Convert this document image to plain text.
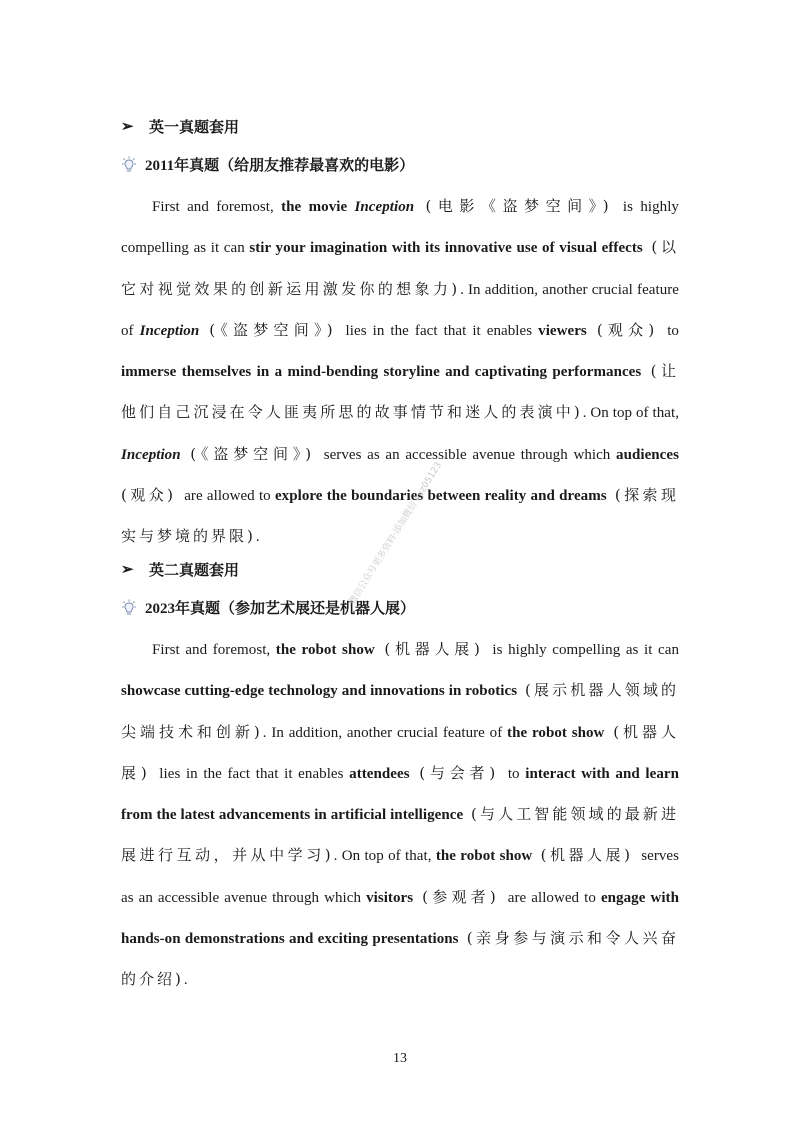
➢ 英一真题套用
2011年真题（给朋友推荐最喜欢的电影）
First and foremost, the movie Inception (电影《盗梦空间》) is highly compelling as it can stir your imagination with its innovative use of visual effects (以它对视觉效果的创新运用激发你的想象力). In addition, another crucial feature of Inception (《盗梦空间》) lies in the fact that it enables viewers (观众) to immerse themselves in a mind-bending storyline and captivating performances (让他们自己沉浸在令人匪夷所思的故事情节和迷人的表演中). On top of that, Inception (《盗梦空间》) serves as an accessible avenue through which audiences (观众) are allowed to explore the boundaries between reality and dreams (探索现实与梦境的界限).
➢ 英二真题套用
2023年真题（参加艺术展还是机器人展）
First and foremost, the robot show (机器人展) is highly compelling as it can showcase cutting-edge technology and innovations in robotics (展示机器人领域的尖端技术和创新). In addition, another crucial feature of the robot show (机器人展) lies in the fact that it enables attendees (与会者) to interact with and learn from the latest advancements in artificial intelligence (与人工智能领域的最新进展进行互动，并从中学习). On top of that, the robot show (机器人展) serves as an accessible avenue through which visitors (参观者) are allowed to engage with hands-on demonstrations and exciting presentations (亲身参与演示和令人兴奋的介绍).
微信公众号更多资料·添加微信 kyz05123
13
